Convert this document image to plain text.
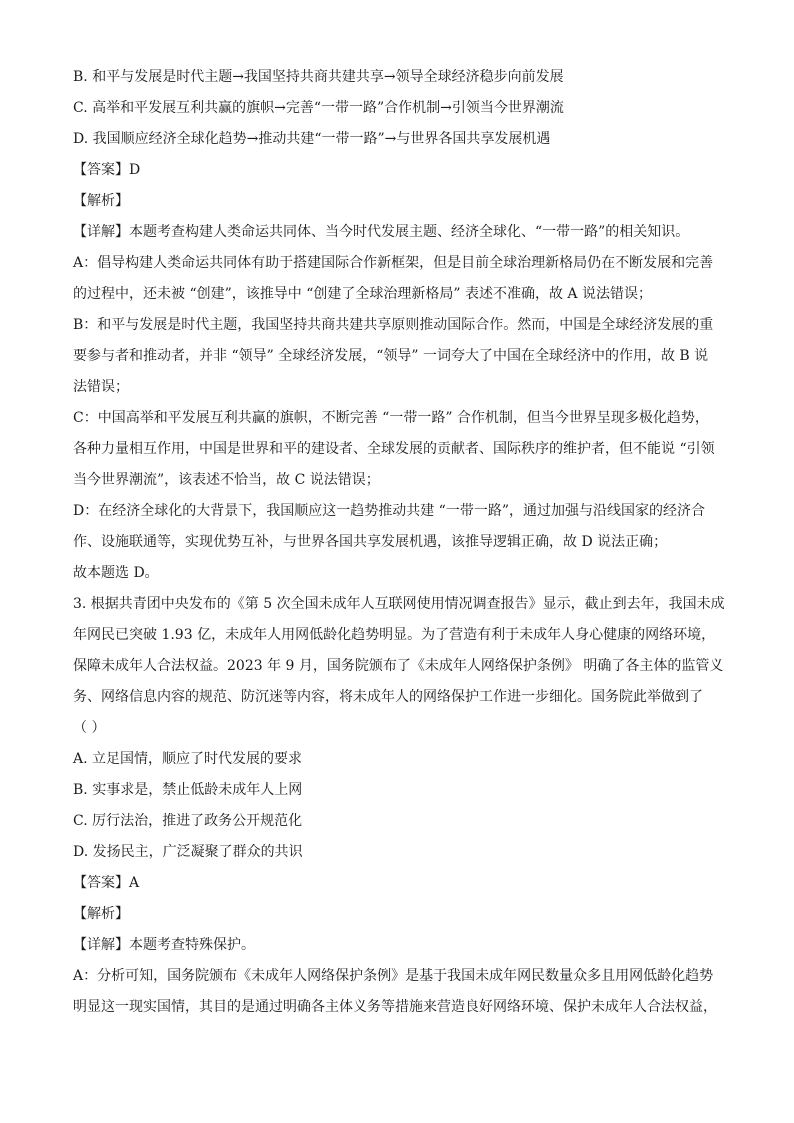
B. 和平与发展是时代主题→我国坚持共商共建共享→领导全球经济稳步向前发展
C. 高举和平发展互利共赢的旗帜→完善“一带一路”合作机制→引领当今世界潮流
D. 我国顺应经济全球化趋势→推动共建“一带一路”→与世界各国共享发展机遇
【答案】D
【解析】
【详解】本题考查构建人类命运共同体、当今时代发展主题、经济全球化、“一带一路”的相关知识。
A：倡导构建人类命运共同体有助于搭建国际合作新框架，但是目前全球治理新格局仍在不断发展和完善
的过程中，还未被 “创建”，该推导中 “创建了全球治理新格局” 表述不准确，故 A 说法错误；
B：和平与发展是时代主题，我国坚持共商共建共享原则推动国际合作。然而，中国是全球经济发展的重
要参与者和推动者，并非 “领导” 全球经济发展，“领导” 一词夸大了中国在全球经济中的作用，故 B 说
法错误；
C：中国高举和平发展互利共赢的旗帜，不断完善 “一带一路” 合作机制，但当今世界呈现多极化趋势，
各种力量相互作用，中国是世界和平的建设者、全球发展的贡献者、国际秩序的维护者，但不能说 “引领
当今世界潮流”，该表述不恰当，故 C 说法错误；
D：在经济全球化的大背景下，我国顺应这一趋势推动共建 “一带一路”，通过加强与沿线国家的经济合
作、设施联通等，实现优势互补，与世界各国共享发展机遇，该推导逻辑正确，故 D 说法正确；
故本题选 D。
3. 根据共青团中央发布的《第 5 次全国未成年人互联网使用情况调查报告》显示，截止到去年，我国未成
年网民已突破 1.93 亿，未成年人用网低龄化趋势明显。为了营造有利于未成年人身心健康的网络环境，
保障未成年人合法权益。2023 年 9 月，国务院颁布了《未成年人网络保护条例》 明确了各主体的监管义
务、网络信息内容的规范、防沉迷等内容，将未成年人的网络保护工作进一步细化。国务院此举做到了
（ ）
A. 立足国情，顺应了时代发展的要求
B. 实事求是，禁止低龄未成年人上网
C. 厉行法治，推进了政务公开规范化
D. 发扬民主，广泛凝聚了群众的共识
【答案】A
【解析】
【详解】本题考查特殊保护。
A：分析可知，国务院颁布《未成年人网络保护条例》是基于我国未成年网民数量众多且用网低龄化趋势
明显这一现实国情，其目的是通过明确各主体义务等措施来营造良好网络环境、保护未成年人合法权益，
